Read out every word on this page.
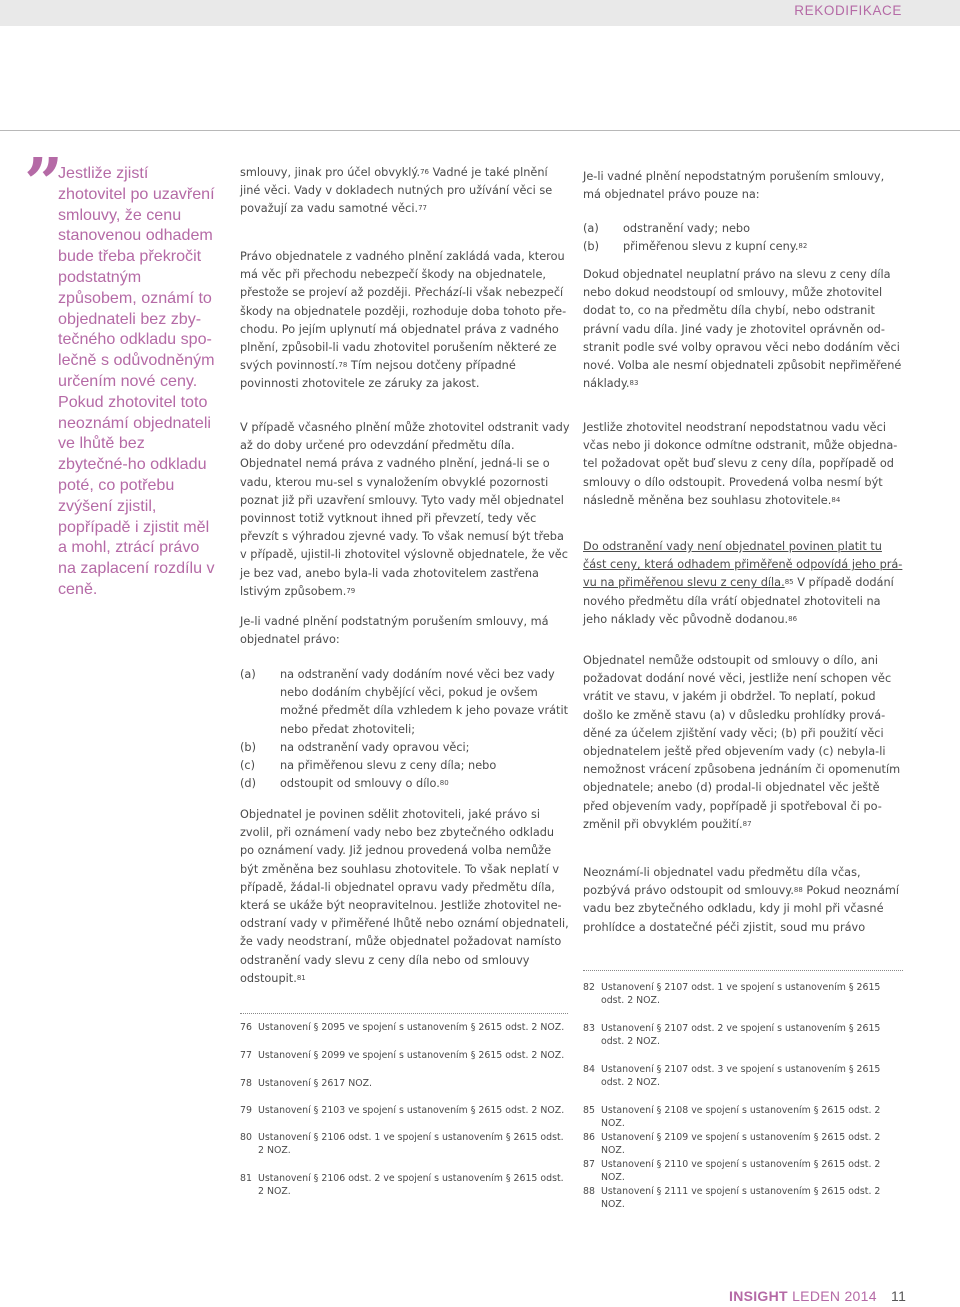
REKODIFIKACE
”
Jestliže zjistí zhotovitel po uzavření smlouvy, že cenu stanovenou odhadem bude třeba překročit podstatným způsobem, oznámí to objednateli bez zby-tečného odkladu spo-lečně s odůvodněným určením nové ceny. Pokud zhotovitel toto neoznámí objednateli ve lhůtě bez zbytečné-ho odkladu poté, co potřebu zvýšení zjistil, popřípadě i zjistit měl a mohl, ztrácí právo na zaplacení rozdílu v ceně.

smlouvy, jinak pro účel obvyklý.$^{76}$ Vadné je také plnění jiné věci. Vady v dokladech nutných pro užívání věci se považují za vadu samotné věci.$^{77}$

Právo objednatele z vadného plnění zakládá vada, kterou má věc při přechodu nebezpečí škody na objednatele, přestože se projeví až později. Přechází-li však nebezpečí škody na objednatele později, rozhoduje doba tohoto pře-chodu. Po jejím uplynutí má objednatel práva z vadného plnění, způsobil-li vadu zhotovitel porušením některé ze svých povinností.$^{78}$ Tím nejsou dotčeny případné povinnosti zhotovitele ze záruky za jakost.

V případě včasného plnění může zhotovitel odstranit vady až do doby určené pro odevzdání předmětu díla. Objednatel nemá práva z vadného plnění, jedná-li se o vadu, kterou mu-sel s vynaložením obvyklé pozornosti poznat již při uzavření smlouvy. Tyto vady měl objednatel povinnost totiž vytknout ihned při převzetí, tedy věc převzít s výhradou zjevné vady. To však nemusí být třeba v případě, ujistil-li zhotovitel výslovně objednatele, že věc je bez vad, anebo byla-li vada zhotovitelem zastřena lstivým způsobem.$^{79}$

Je-li vadné plnění podstatným porušením smlouvy, má objednatel právo:

(a)	na odstranění vady dodáním nové věci bez vady nebo dodáním chybějící věci, pokud je ovšem možné předmět díla vzhledem k jeho povaze vrátit nebo předat zhotoviteli;
(b)	na odstranění vady opravou věci;
(c)	na přiměřenou slevu z ceny díla; nebo
(d)	odstoupit od smlouvy o dílo.$^{80}$

Objednatel je povinen sdělit zhotoviteli, jaké právo si zvolil, při oznámení vady nebo bez zbytečného odkladu po oznámení vady. Již jednou provedená volba nemůže být změněna bez souhlasu zhotovitele. To však neplatí v případě, žádal-li objednatel opravu vady předmětu díla, která se ukáže být neopravitelnou. Jestliže zhotovitel ne-odstraní vady v přiměřené lhůtě nebo oznámí objednateli, že vady neodstraní, může objednatel požadovat namísto odstranění vady slevu z ceny díla nebo od smlouvy odstoupit.$^{81}$

Je-li vadné plnění nepodstatným porušením smlouvy, má objednatel právo pouze na:

(a)	odstranění vady; nebo
(b)	přiměřenou slevu z kupní ceny.$^{82}$

Dokud objednatel neuplatní právo na slevu z ceny díla nebo dokud neodstoupí od smlouvy, může zhotovitel dodat to, co na předmětu díla chybí, nebo odstranit právní vadu díla. Jiné vady je zhotovitel oprávněn od-stranit podle své volby opravou věci nebo dodáním věci nové. Volba ale nesmí objednateli způsobit nepřiměřené náklady.$^{83}$

Jestliže zhotovitel neodstraní nepodstatnou vadu věci včas nebo ji dokonce odmítne odstranit, může objedna-tel požadovat opět buď slevu z ceny díla, popřípadě od smlouvy o dílo odstoupit. Provedená volba nesmí být následně měněna bez souhlasu zhotovitele.$^{84}$

Do odstranění vady není objednatel povinen platit tu část ceny, která odhadem přiměřeně odpovídá jeho prá-vu na přiměřenou slevu z ceny díla.$^{85}$ V případě dodání nového předmětu díla vrátí objednatel zhotoviteli na jeho náklady věc původně dodanou.$^{86}$

Objednatel nemůže odstoupit od smlouvy o dílo, ani požadovat dodání nové věci, jestliže není schopen věc vrátit ve stavu, v jakém ji obdržel. To neplatí, pokud došlo ke změně stavu (a) v důsledku prohlídky prová-děné za účelem zjištění vady věci; (b) při použití věci objednatelem ještě před objevením vady (c) nebyla-li nemožnost vrácení způsobena jednáním či opomenutím objednatele; anebo (d) prodal-li objednatel věc ještě před objevením vady, popřípadě ji spotřeboval či po-změnil při obvyklém použití.$^{87}$

Neoznámí-li objednatel vadu předmětu díla včas, pozbývá právo odstoupit od smlouvy.$^{88}$ Pokud neoznámí vadu bez zbytečného odkladu, kdy ji mohl při včasné prohlídce a dostatečné péči zjistit, soud mu právo

76 Ustanovení § 2095 ve spojení s ustanovením § 2615 odst. 2 NOZ.
77 Ustanovení § 2099 ve spojení s ustanovením § 2615 odst. 2 NOZ.
78 Ustanovení § 2617 NOZ.
79 Ustanovení § 2103 ve spojení s ustanovením § 2615 odst. 2 NOZ.
80 Ustanovení § 2106 odst. 1 ve spojení s ustanovením § 2615 odst. 2 NOZ.
81 Ustanovení § 2106 odst. 2 ve spojení s ustanovením § 2615 odst. 2 NOZ.
82 Ustanovení § 2107 odst. 1 ve spojení s ustanovením § 2615 odst. 2 NOZ.
83 Ustanovení § 2107 odst. 2 ve spojení s ustanovením § 2615 odst. 2 NOZ.
84 Ustanovení § 2107 odst. 3 ve spojení s ustanovením § 2615 odst. 2 NOZ.
85 Ustanovení § 2108 ve spojení s ustanovením § 2615 odst. 2 NOZ.
86 Ustanovení § 2109 ve spojení s ustanovením § 2615 odst. 2 NOZ.
87 Ustanovení § 2110 ve spojení s ustanovením § 2615 odst. 2 NOZ.
88 Ustanovení § 2111 ve spojení s ustanovením § 2615 odst. 2 NOZ.
INSIGHT LEDEN 2014 11
